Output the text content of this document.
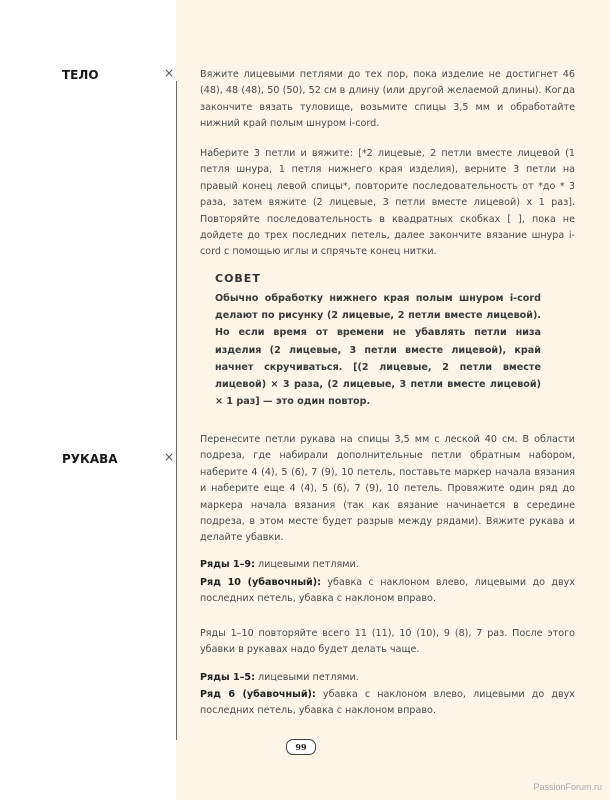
ТЕЛО	×	Вяжите лицевыми петлями до тех пор, пока изделие не достигнет 46 (48), 48 (48), 50 (50), 52 см в длину (или другой желаемой длины). Когда закончите вязать туловище, возьмите спицы 3,5 мм и обработайте нижний край полым шнуром i-cord.

Наберите 3 петли и вяжите: [*2 лицевые, 2 петли вместе лицевой (1 петля шнура, 1 петля нижнего края изделия), верните 3 петли на правый конец левой спицы*, повторите последовательность от *до * 3 раза, затем вяжите (2 лицевые, 3 петли вместе лицевой) х 1 раз]. Повторяйте последовательность в квадратных скобках [ ], пока не дойдете до трех последних петель, далее закончите вязание шнура i-cord с помощью иглы и спрячьте конец нитки.

СОВЕТ

Обычно обработку нижнего края полым шнуром i-cord делают по рисунку (2 лицевые, 2 петли вместе лицевой). Но если время от времени не убавлять петли низа изделия (2 лицевые, 3 петли вместе лицевой), край начнет скручиваться. [(2 лицевые, 2 петли вместе лицевой) × 3 раза, (2 лицевые, 3 петли вместе лицевой) × 1 раз] — это один повтор.

РУКАВА	×

Перенесите петли рукава на спицы 3,5 мм с леской 40 см. В области подреза, где набирали дополнительные петли обратным набором, наберите 4 (4), 5 (6), 7 (9), 10 петель, поставьте маркер начала вязания и наберите еще 4 (4), 5 (6), 7 (9), 10 петель. Провяжите один ряд до маркера начала вязания (так как вязание начинается в середине подреза, в этом месте будет разрыв между рядами). Вяжите рукава и делайте убавки.

Ряды 1–9: лицевыми петлями.

Ряд 10 (убавочный): убавка с наклоном влево, лицевыми до двух последних петель, убавка с наклоном вправо.

Ряды 1–10 повторяйте всего 11 (11), 10 (10), 9 (8), 7 раз. После этого убавки в рукавах надо будет делать чаще.

Ряды 1–5: лицевыми петлями.

Ряд 6 (убавочный): убавка с наклоном влево, лицевыми до двух последних петель, убавка с наклоном вправо.

99
PassionForum.ru
